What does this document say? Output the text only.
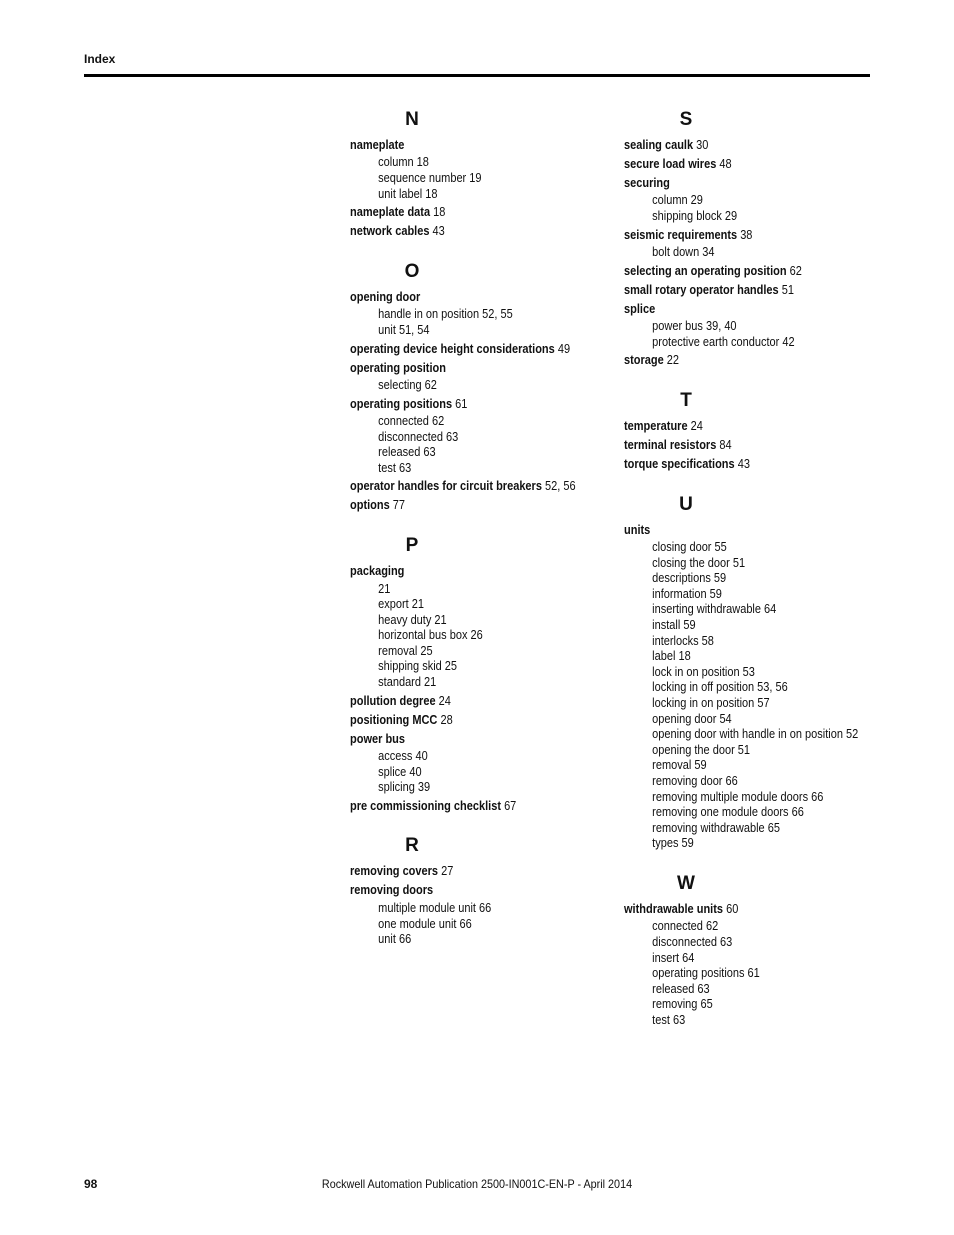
Index
N
nameplate
column 18
sequence number 19
unit label 18
nameplate data 18
network cables 43
O
opening door
handle in on position 52, 55
unit 51, 54
operating device height considerations 49
operating position
selecting 62
operating positions 61
connected 62
disconnected 63
released 63
test 63
operator handles for circuit breakers 52, 56
options 77
P
packaging
21
export 21
heavy duty 21
horizontal bus box 26
removal 25
shipping skid 25
standard 21
pollution degree 24
positioning MCC 28
power bus
access 40
splice 40
splicing 39
pre commissioning checklist 67
R
removing covers 27
removing doors
multiple module unit 66
one module unit 66
unit 66
S
sealing caulk 30
secure load wires 48
securing
column 29
shipping block 29
seismic requirements 38
bolt down 34
selecting an operating position 62
small rotary operator handles 51
splice
power bus 39, 40
protective earth conductor 42
storage 22
T
temperature 24
terminal resistors 84
torque specifications 43
U
units
closing door 55
closing the door 51
descriptions 59
information 59
inserting withdrawable 64
install 59
interlocks 58
label 18
lock in on position 53
locking in off position 53, 56
locking in on position 57
opening door 54
opening door with handle in on position 52
opening the door 51
removal 59
removing door 66
removing multiple module doors 66
removing one module doors 66
removing withdrawable 65
types 59
W
withdrawable units 60
connected 62
disconnected 63
insert 64
operating positions 61
released 63
removing 65
test 63
98	Rockwell Automation Publication 2500-IN001C-EN-P - April 2014
